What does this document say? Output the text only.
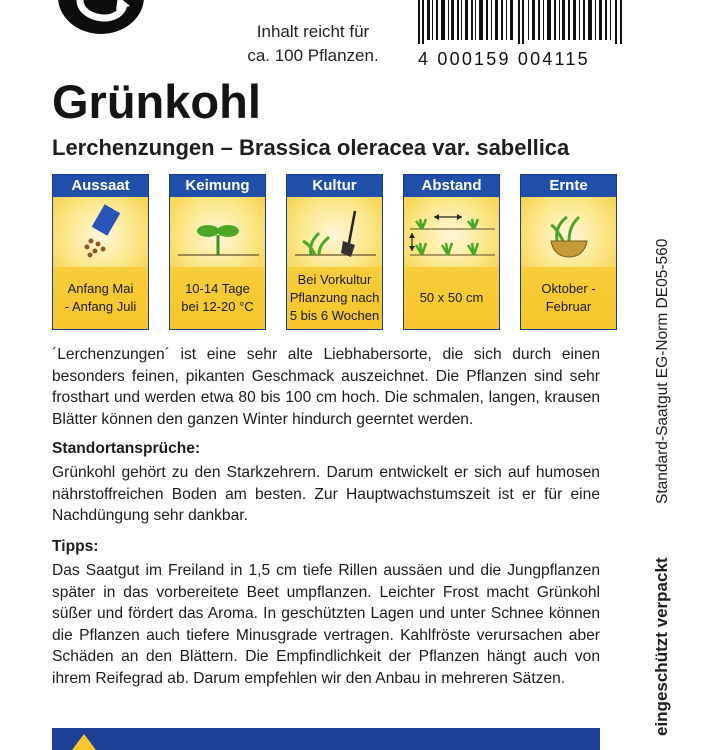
Inhalt reicht für
ca. 100 Pflanzen.	4 000159 004115
Grünkohl
Lerchenzungen – Brassica oleracea var. sabellica
Aussaat
Anfang Mai
- Anfang Juli
Keimung
10-14 Tage
bei 12-20 °C
Kultur
Bei Vorkultur
Pflanzung nach
5 bis 6 Wochen
Abstand
50 x 50 cm
Ernte
Oktober -
Februar

´Lerchenzungen´ ist eine sehr alte Liebhabersorte, die sich durch einen besonders feinen, pikanten Geschmack auszeichnet. Die Pflanzen sind sehr frosthart und werden etwa 80 bis 100 cm hoch. Die schmalen, langen, krausen Blätter können den ganzen Winter hindurch geerntet werden.

Standortansprüche:

Grünkohl gehört zu den Starkzehrern. Darum entwickelt er sich auf humosen nährstoffreichen Boden am besten. Zur Hauptwachstumszeit ist er für eine Nachdüngung sehr dankbar.

Tipps:

Das Saatgut im Freiland in 1,5 cm tiefe Rillen aussäen und die Jungpflanzen später in das vorbereitete Beet umpflanzen. Leichter Frost macht Grünkohl süßer und fördert das Aroma. In geschützten Lagen und unter Schnee können die Pflanzen auch tiefere Minusgrade vertragen. Kahlfröste verursachen aber Schäden an den Blättern. Die Empfindlichkeit der Pflanzen hängt auch von ihrem Reifegrad ab. Darum empfehlen wir den Anbau in mehreren Sätzen.

Standard-Saatgut EG-Norm DE05-560
eingeschützt verpackt
